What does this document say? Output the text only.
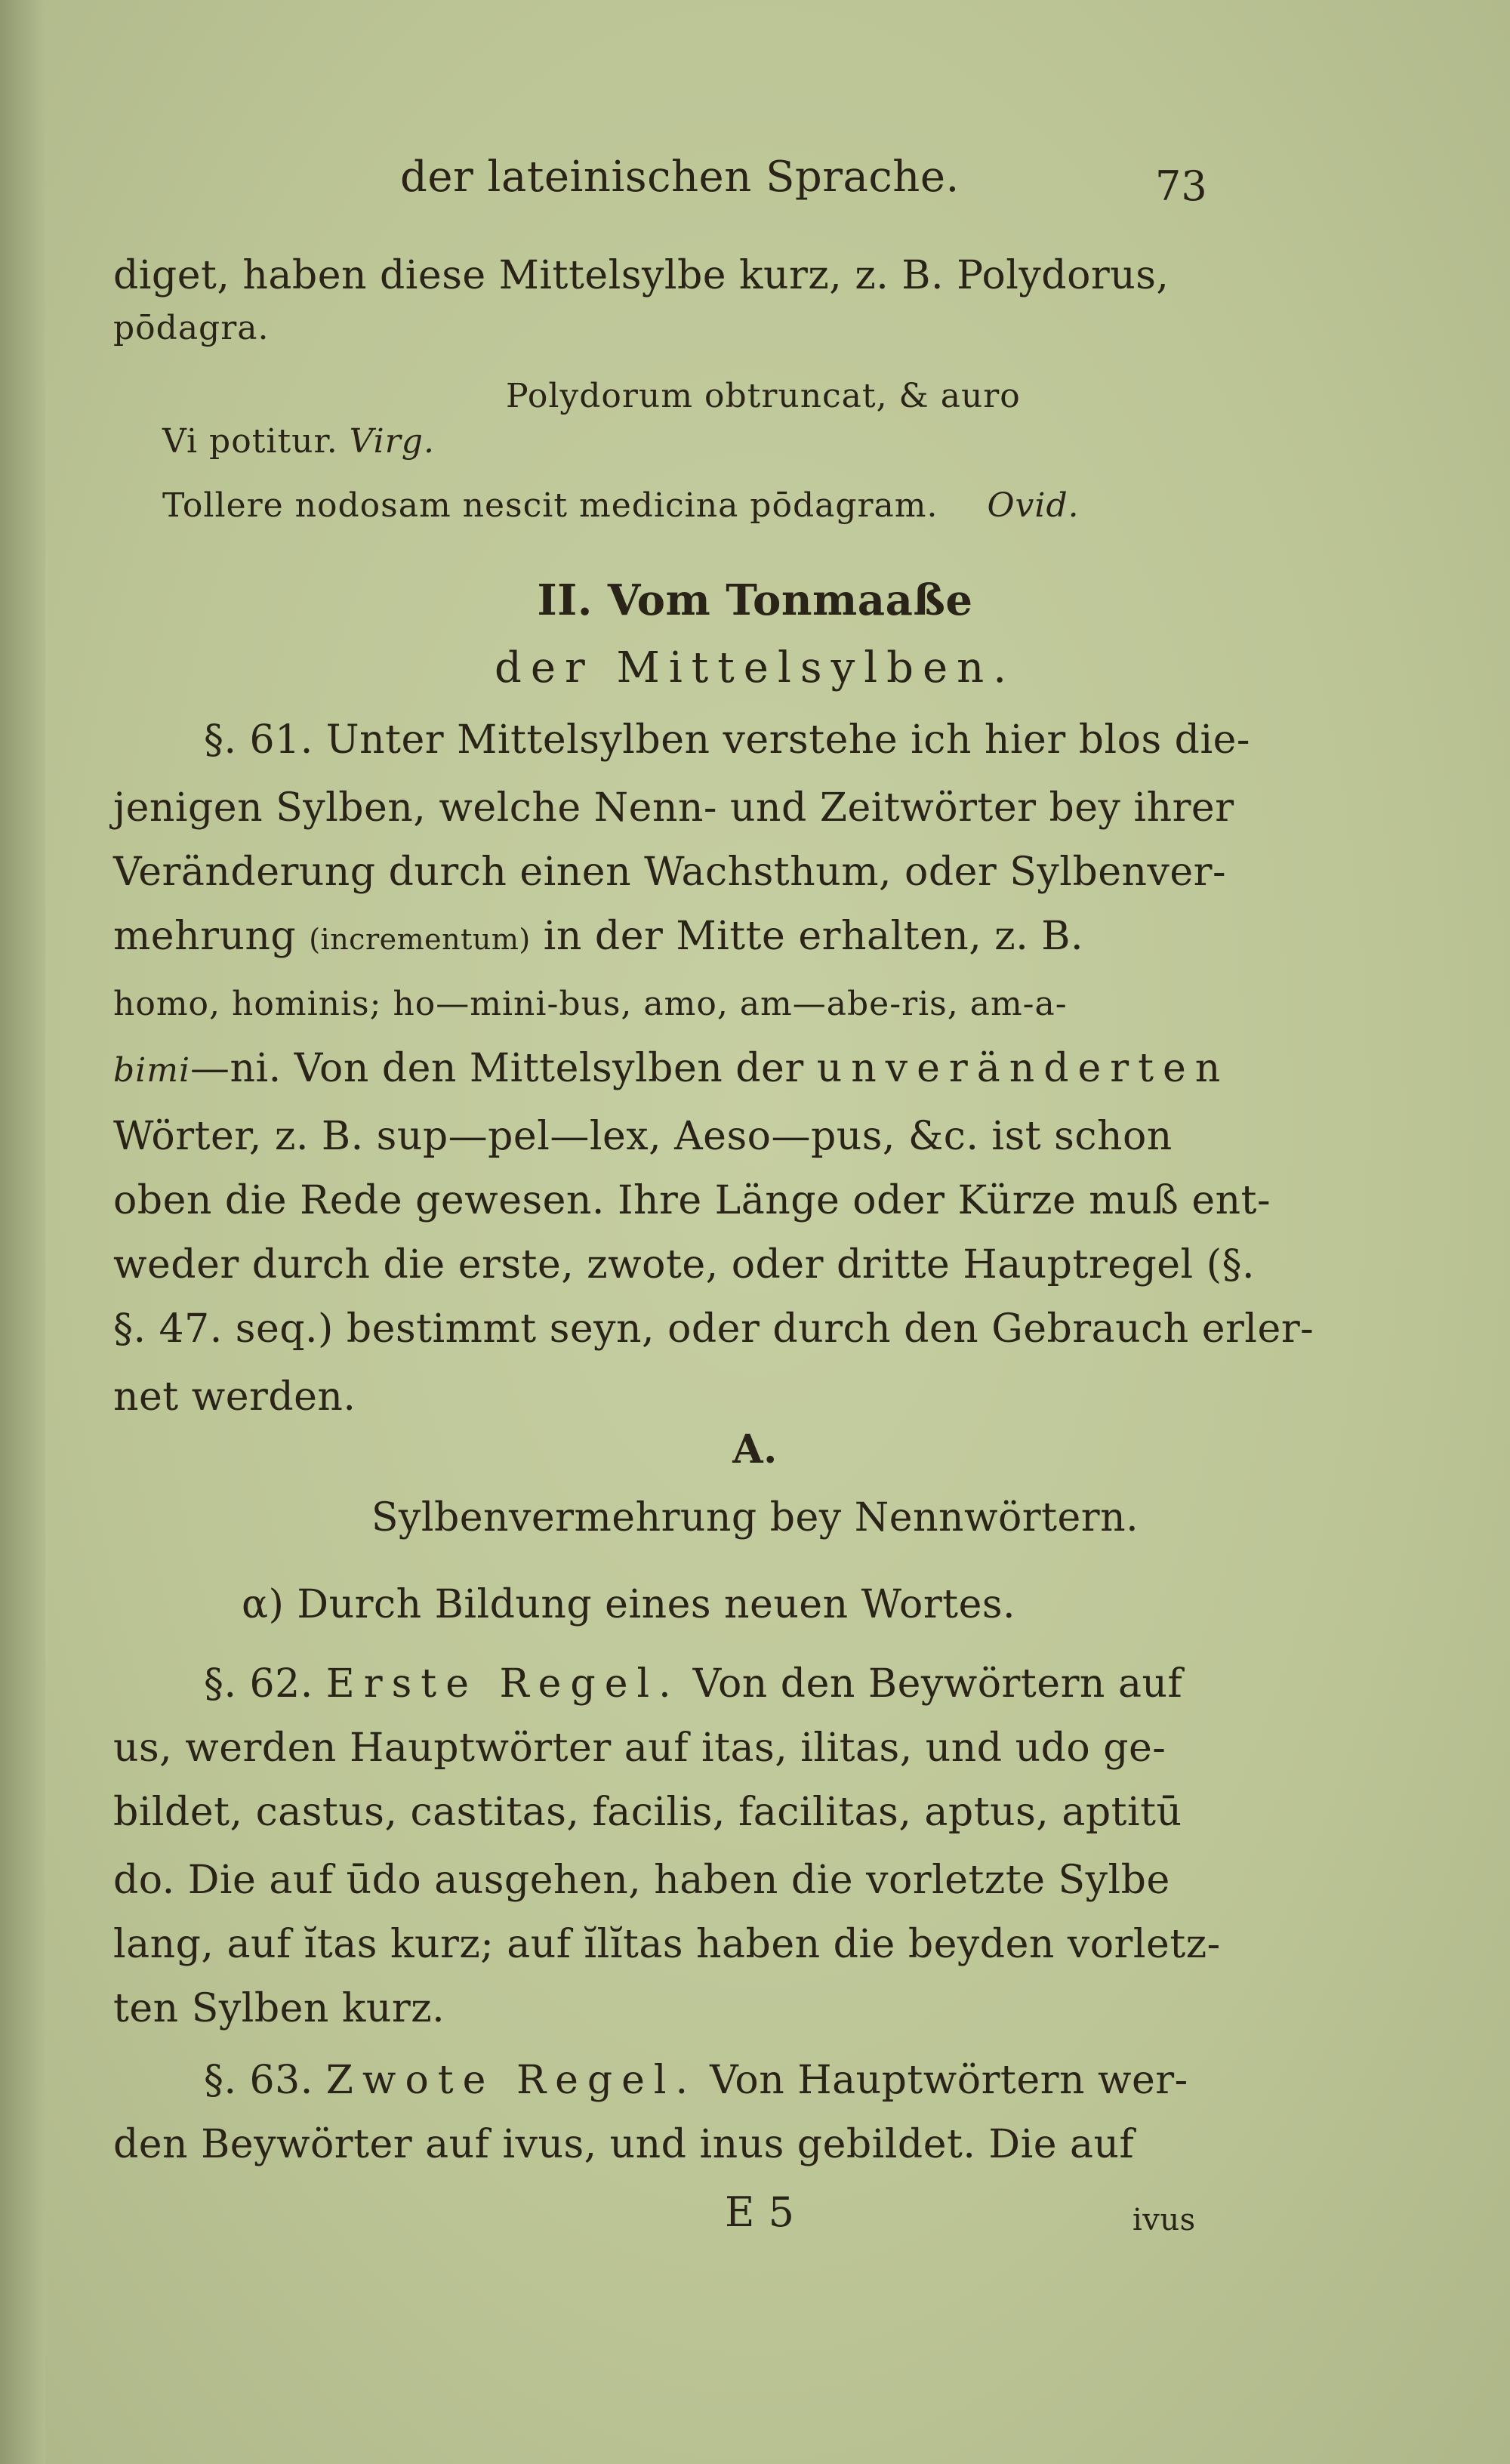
der lateinischen Sprache.	73
diget, haben diese Mittelsylbe kurz, z. B. Polydorus,
pōdagra.
Polydorum obtruncat, & auro
Vi potitur. Virg.
Tollere nodosam nescit medicina pōdagram. Ovid.
II. Vom Tonmaaße
der Mittelsylben.
§. 61. Unter Mittelsylben verstehe ich hier blos die-
jenigen Sylben, welche Nenn- und Zeitwörter bey ihrer
Veränderung durch einen Wachsthum, oder Sylbenver-
mehrung (incrementum) in der Mitte erhalten, z. B.
homo, hominis; ho—mini-bus, amo, am—abe-ris, am-a-
bimi—ni. Von den Mittelsylben der unveränderten
Wörter, z. B. sup—pel—lex, Aeso—pus, &c. ist schon
oben die Rede gewesen. Ihre Länge oder Kürze muß ent-
weder durch die erste, zwote, oder dritte Hauptregel (§.
§. 47. seq.) bestimmt seyn, oder durch den Gebrauch erler-
net werden.
A.
Sylbenvermehrung bey Nennwörtern.
α) Durch Bildung eines neuen Wortes.
§. 62. Erste Regel. Von den Beywörtern auf
us, werden Hauptwörter auf itas, ilitas, und udo ge-
bildet, castus, castitas, facilis, facilitas, aptus, aptitū
do. Die auf ūdo ausgehen, haben die vorletzte Sylbe
lang, auf ĭtas kurz; auf ĭlĭtas haben die beyden vorletz-
ten Sylben kurz.
§. 63. Zwote Regel. Von Hauptwörtern wer-
den Beywörter auf ivus, und inus gebildet. Die auf
E 5	ivus
